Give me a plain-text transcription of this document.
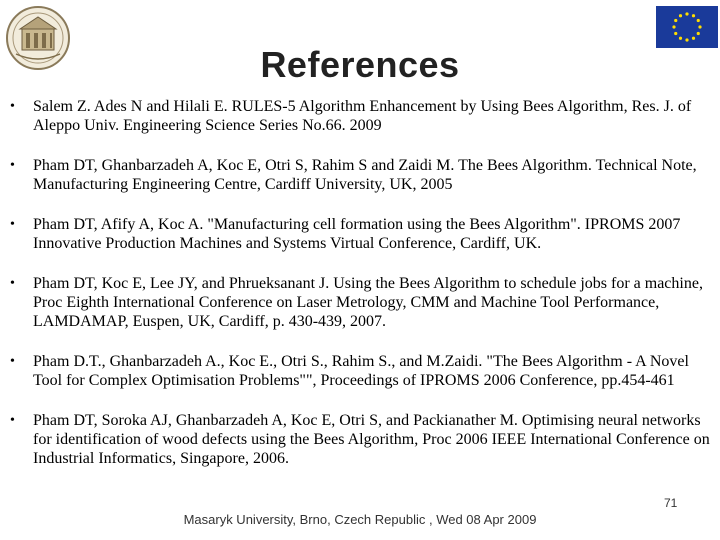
References
• Salem Z. Ades N and Hilali E. RULES-5 Algorithm Enhancement by Using Bees Algorithm, Res. J. of Aleppo Univ. Engineering Science Series No.66. 2009
• Pham DT, Ghanbarzadeh A, Koc E, Otri S, Rahim S and Zaidi M. The Bees Algorithm. Technical Note, Manufacturing Engineering Centre, Cardiff University, UK, 2005
• Pham DT, Afify A, Koc A. "Manufacturing cell formation using the Bees Algorithm". IPROMS 2007 Innovative Production Machines and Systems Virtual Conference, Cardiff, UK.
• Pham DT, Koc E, Lee JY, and Phrueksanant J. Using the Bees Algorithm to schedule jobs for a machine, Proc Eighth International Conference on Laser Metrology, CMM and Machine Tool Performance, LAMDAMAP, Euspen, UK, Cardiff, p. 430-439, 2007.
• Pham D.T., Ghanbarzadeh A., Koc E., Otri S., Rahim S., and M.Zaidi. "The Bees Algorithm - A Novel Tool for Complex Optimisation Problems"", Proceedings of IPROMS 2006 Conference, pp.454-461
• Pham DT, Soroka AJ, Ghanbarzadeh A, Koc E, Otri S, and Packianather M. Optimising neural networks for identification of wood defects using the Bees Algorithm, Proc 2006 IEEE International Conference on Industrial Informatics, Singapore, 2006.
71
Masaryk University, Brno, Czech Republic , Wed 08 Apr 2009
